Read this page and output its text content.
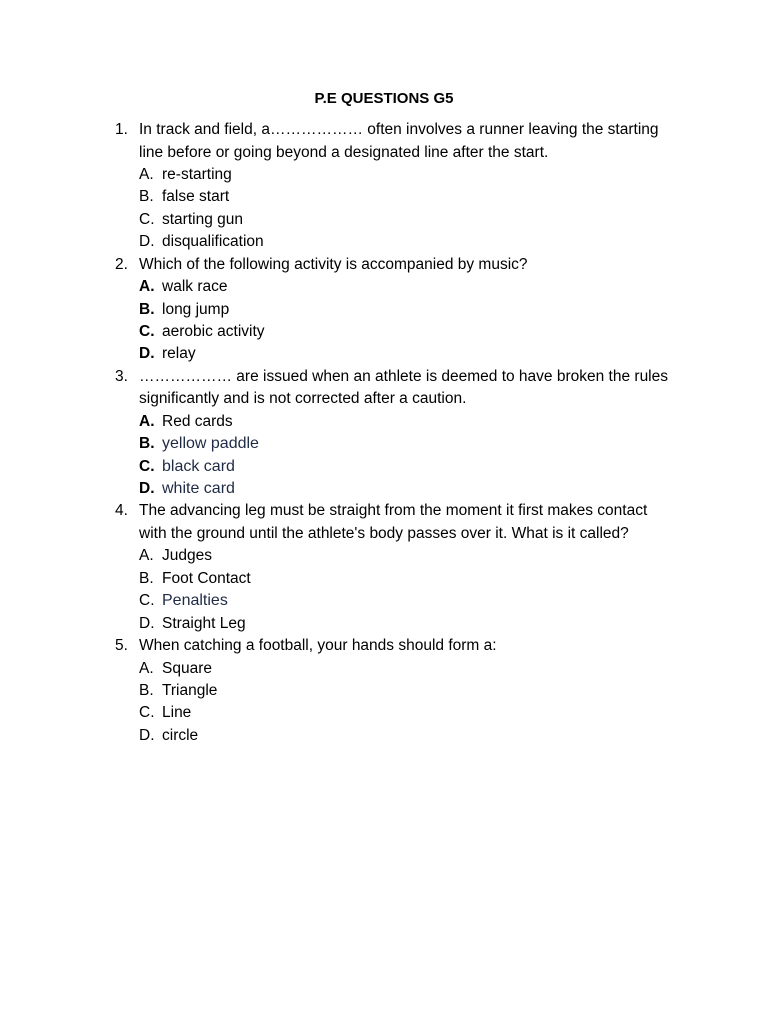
P.E QUESTIONS G5
1. In track and field, a……………… often involves a runner leaving the starting line before or going beyond a designated line after the start.
A. re-starting
B. false start
C. starting gun
D. disqualification
2. Which of the following activity is accompanied by music?
A. walk race
B. long jump
C. aerobic activity
D. relay
3. ……………… are issued when an athlete is deemed to have broken the rules significantly and is not corrected after a caution.
A. Red cards
B. yellow paddle
C. black card
D. white card
4. The advancing leg must be straight from the moment it first makes contact with the ground until the athlete's body passes over it. What is it called?
A. Judges
B. Foot Contact
C. Penalties
D. Straight Leg
5. When catching a football, your hands should form a:
A. Square
B. Triangle
C. Line
D. circle
